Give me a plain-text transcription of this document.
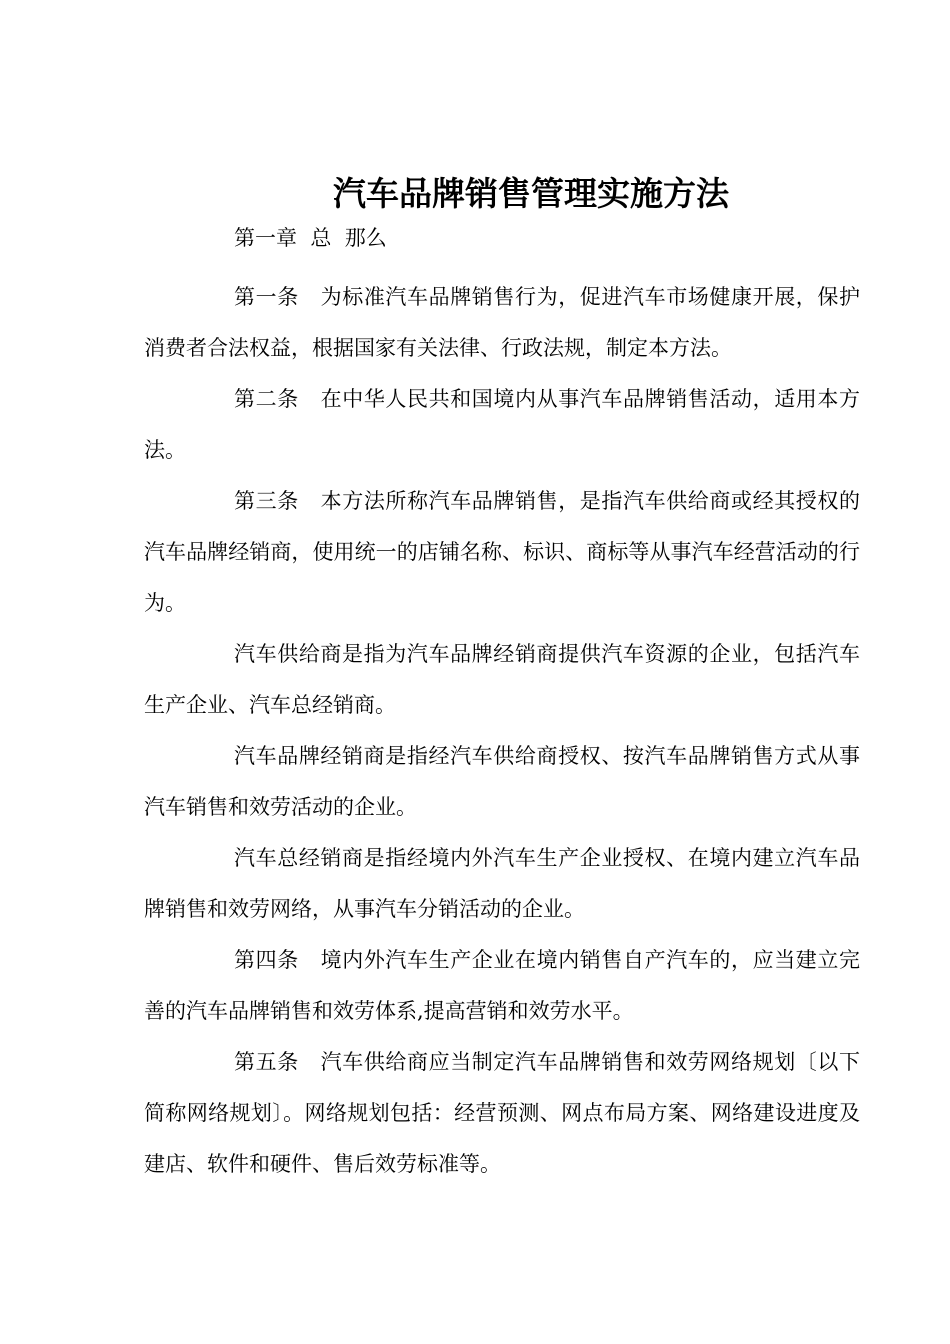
汽车品牌销售管理实施方法

第一章  总  那么

第一条   为标准汽车品牌销售行为，促进汽车市场健康开展，保护消费者合法权益，根据国家有关法律、行政法规，制定本方法。

第二条   在中华人民共和国境内从事汽车品牌销售活动，适用本方法。

第三条   本方法所称汽车品牌销售，是指汽车供给商或经其授权的汽车品牌经销商，使用统一的店铺名称、标识、商标等从事汽车经营活动的行为。

汽车供给商是指为汽车品牌经销商提供汽车资源的企业，包括汽车生产企业、汽车总经销商。

汽车品牌经销商是指经汽车供给商授权、按汽车品牌销售方式从事汽车销售和效劳活动的企业。

汽车总经销商是指经境内外汽车生产企业授权、在境内建立汽车品牌销售和效劳网络，从事汽车分销活动的企业。

第四条   境内外汽车生产企业在境内销售自产汽车的，应当建立完善的汽车品牌销售和效劳体系,提高营销和效劳水平。

第五条   汽车供给商应当制定汽车品牌销售和效劳网络规划〔以下简称网络规划〕。网络规划包括：经营预测、网点布局方案、网络建设进度及建店、软件和硬件、售后效劳标准等。
